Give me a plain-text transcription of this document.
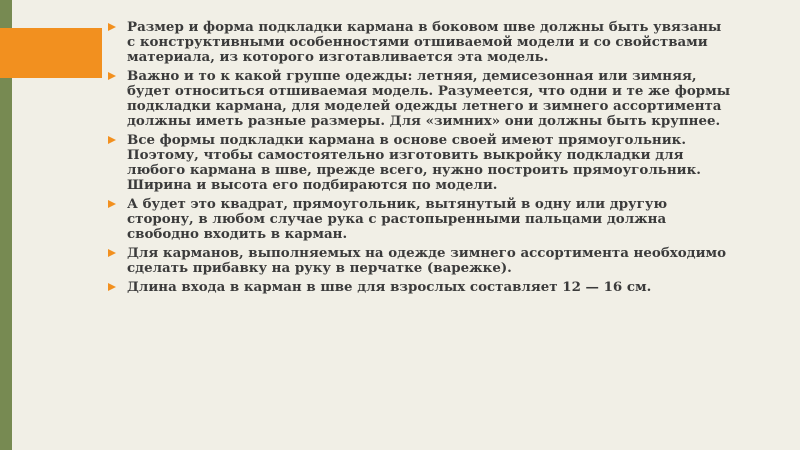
Размер и форма подкладки кармана в боковом шве должны быть увязаны с конструктивными особенностями отшиваемой модели и со свойствами материала, из которого изготавливается эта модель.
Важно и то к какой группе одежды: летняя, демисезонная или зимняя, будет относиться отшиваемая модель. Разумеется, что одни и те же формы подкладки кармана, для моделей одежды летнего и зимнего ассортимента должны иметь разные размеры. Для «зимних» они должны быть крупнее.
Все формы подкладки кармана в основе своей имеют прямоугольник. Поэтому, чтобы самостоятельно изготовить выкройку подкладки для любого кармана в шве, прежде всего, нужно построить прямоугольник. Ширина и высота его подбираются по модели.
А будет это квадрат, прямоугольник, вытянутый в одну или другую сторону, в любом случае рука с растопыренными пальцами должна свободно входить в карман.
Для карманов, выполняемых на одежде зимнего ассортимента необходимо сделать прибавку на руку в перчатке (варежке).
Длина входа в карман в шве для взрослых составляет 12 — 16 см.
